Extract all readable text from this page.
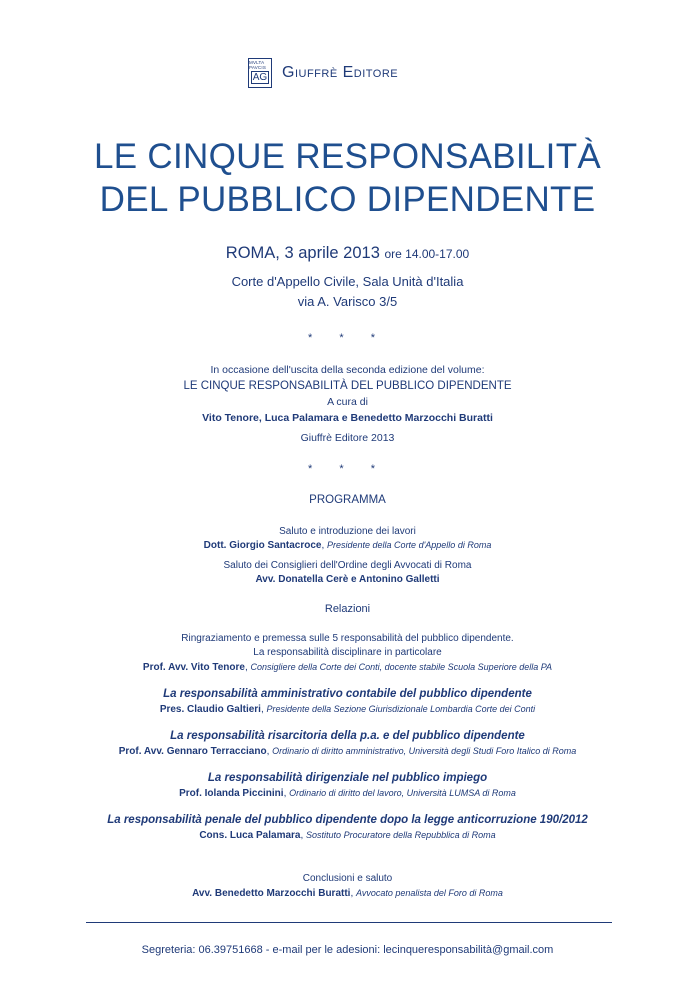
MVLTA PAVCIS
AG Giuffrè Editore
LE CINQUE RESPONSABILITÀ
DEL PUBBLICO DIPENDENTE
ROMA, 3 aprile 2013 ore 14.00-17.00
Corte d'Appello Civile, Sala Unità d'Italia
via A. Varisco 3/5
* * *
In occasione dell'uscita della seconda edizione del volume:
LE CINQUE RESPONSABILITÀ DEL PUBBLICO DIPENDENTE
A cura di
Vito Tenore, Luca Palamara e Benedetto Marzocchi Buratti
Giuffrè Editore 2013
* * *
PROGRAMMA
Saluto e introduzione dei lavori
Dott. Giorgio Santacroce, Presidente della Corte d'Appello di Roma
Saluto dei Consiglieri dell'Ordine degli Avvocati di Roma
Avv. Donatella Cerè e Antonino Galletti
Relazioni
Ringraziamento e premessa sulle 5 responsabilità del pubblico dipendente.
La responsabilità disciplinare in particolare
Prof. Avv. Vito Tenore, Consigliere della Corte dei Conti, docente stabile Scuola Superiore della PA
La responsabilità amministrativo contabile del pubblico dipendente
Pres. Claudio Galtieri, Presidente della Sezione Giurisdizionale Lombardia Corte dei Conti
La responsabilità risarcitoria della p.a. e del pubblico dipendente
Prof. Avv. Gennaro Terracciano, Ordinario di diritto amministrativo, Università degli Studi Foro Italico di Roma
La responsabilità dirigenziale nel pubblico impiego
Prof. Iolanda Piccinini, Ordinario di diritto del lavoro, Università LUMSA di Roma
La responsabilità penale del pubblico dipendente dopo la legge anticorruzione 190/2012
Cons. Luca Palamara, Sostituto Procuratore della Repubblica di Roma
Conclusioni e saluto
Avv. Benedetto Marzocchi Buratti, Avvocato penalista del Foro di Roma
Segreteria: 06.39751668 - e-mail per le adesioni: lecinqueresponsabilità@gmail.com
